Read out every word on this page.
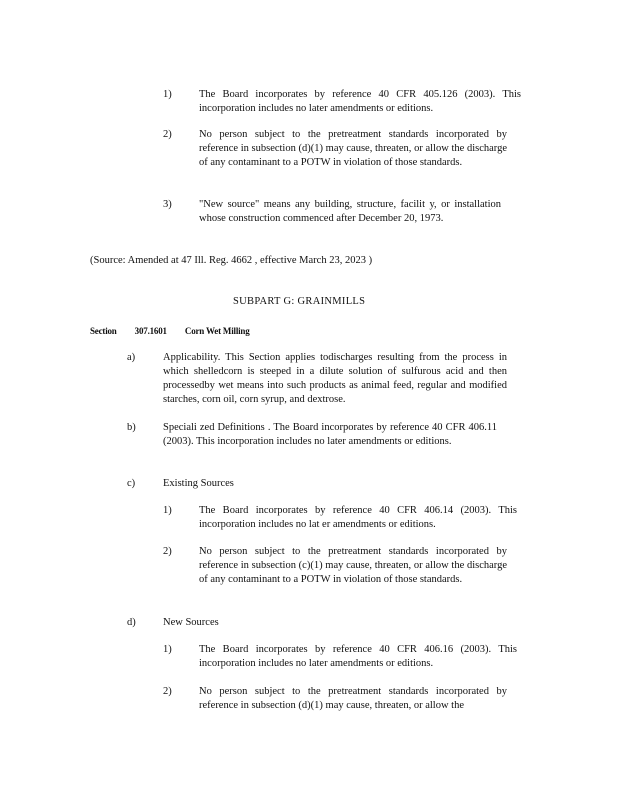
1)	The Board incorporates by reference 40 CFR 405.126 (2003). This incorporation includes no later amendments or editions.
2)	No person subject to the pretreatment standards incorporated by reference in subsection (d)(1) may cause, threaten, or allow the discharge of any contaminant to a POTW in violation of those standards.
3)	"New source" means any building, structure, facilit y, or installation whose construction commenced after December 20, 1973.
(Source: Amended at 47 Ill. Reg. 4662 , effective March 23, 2023 )
SUBPART G: GRAINMILLS
Section 307.1601 Corn Wet Milling
a)	Applicability. This Section applies todischarges resulting from the process in which shelledcorn is steeped in a dilute solution of sulfurous acid and then processedby wet means into such products as animal feed, regular and modified starches, corn oil, corn syrup, and dextrose.
b)	Speciali zed Definitions . The Board incorporates by reference 40 CFR 406.11 (2003). This incorporation includes no later amendments or editions.
c)	Existing Sources
1)	The Board incorporates by reference 40 CFR 406.14 (2003). This incorporation includes no lat er amendments or editions.
2)	No person subject to the pretreatment standards incorporated by reference in subsection (c)(1) may cause, threaten, or allow the discharge of any contaminant to a POTW in violation of those standards.
d)	New Sources
1)	The Board incorporates by reference 40 CFR 406.16 (2003). This incorporation includes no later amendments or editions.
2)	No person subject to the pretreatment standards incorporated by reference in subsection (d)(1) may cause, threaten, or allow the
